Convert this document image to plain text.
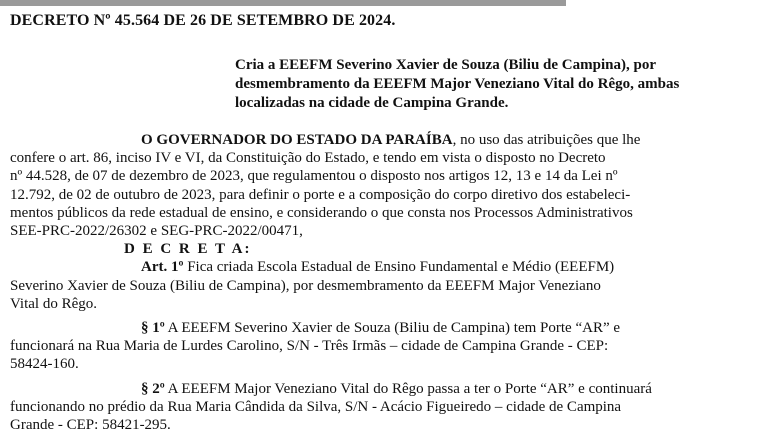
DECRETO Nº 45.564 DE 26 DE SETEMBRO DE 2024.
Cria a EEEFM Severino Xavier de Souza (Biliu de Campina), por
desmembramento da EEEFM Major Veneziano Vital do Rêgo, ambas
localizadas na cidade de Campina Grande.
O GOVERNADOR DO ESTADO DA PARAÍBA, no uso das atribuições que lhe
confere o art. 86, inciso IV e VI, da Constituição do Estado, e tendo em vista o disposto no Decreto
nº 44.528, de 07 de dezembro de 2023, que regulamentou o disposto nos artigos 12, 13 e 14 da Lei nº
12.792, de 02 de outubro de 2023, para definir o porte e a composição do corpo diretivo dos estabeleci-
mentos públicos da rede estadual de ensino, e considerando o que consta nos Processos Administrativos
SEE-PRC-2022/26302 e SEG-PRC-2022/00471,
D E C R E T A:
Art. 1º Fica criada Escola Estadual de Ensino Fundamental e Médio (EEEFM)
Severino Xavier de Souza (Biliu de Campina), por desmembramento da EEEFM Major Veneziano
Vital do Rêgo.
§ 1º A EEEFM Severino Xavier de Souza (Biliu de Campina) tem Porte “AR” e
funcionará na Rua Maria de Lurdes Carolino, S/N - Três Irmãs – cidade de Campina Grande - CEP:
58424-160.
§ 2º A EEEFM Major Veneziano Vital do Rêgo passa a ter o Porte “AR” e continuará
funcionando no prédio da Rua Maria Cândida da Silva, S/N - Acácio Figueiredo – cidade de Campina
Grande - CEP: 58421-295.
